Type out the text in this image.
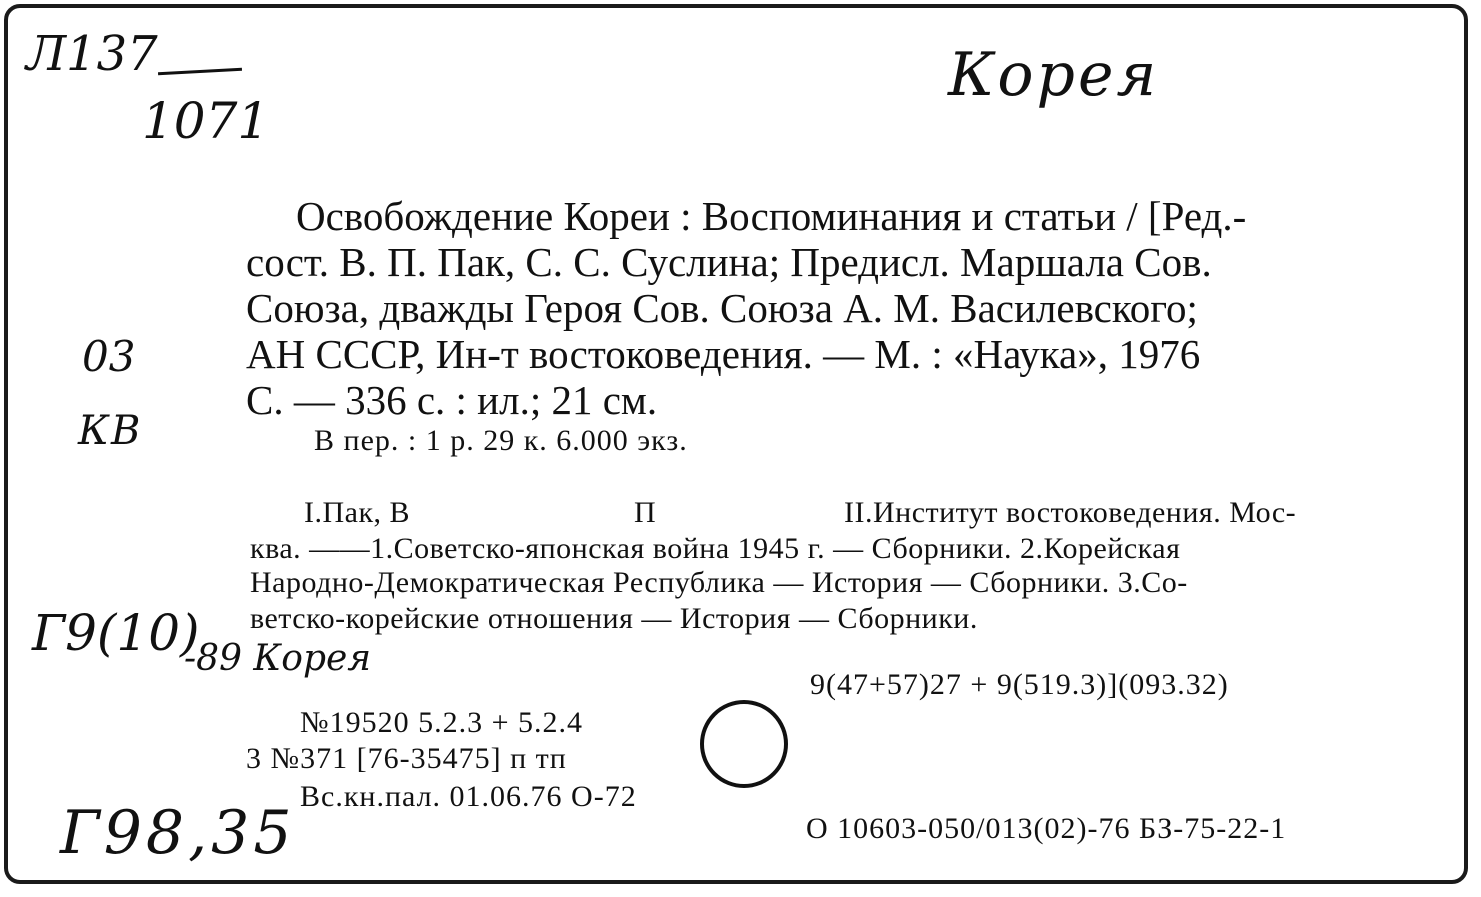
Л137
1071
Корея
03
КВ
Г9(10)
-89 Корея
Г98,35
Освобождение Кореи : Воспоминания и статьи / [Ред.-
сост. В. П. Пак, С. С. Суслина; Предисл. Маршала Сов.
Союза, дважды Героя Сов. Союза А. М. Василевского;
АН СССР, Ин-т востоковедения. — М. : «Наука», 1976
С. — 336 с. : ил.; 21 см.
В пер. : 1 р. 29 к. 6.000 экз.
I.Пак, В	П	II.Институт востоковедения. Мос-
ква. ——1.Советско-японская война 1945 г. — Сборники. 2.Корейская
Народно-Демократическая Республика — История — Сборники. 3.Со-
ветско-корейские отношения — История — Сборники.
9(47+57)27 + 9(519.3)](093.32)
№19520 5.2.3 + 5.2.4
3 №371 [76-35475] п тп
Вс.кн.пал. 01.06.76 О-72
О 10603-050/013(02)-76 БЗ-75-22-1
